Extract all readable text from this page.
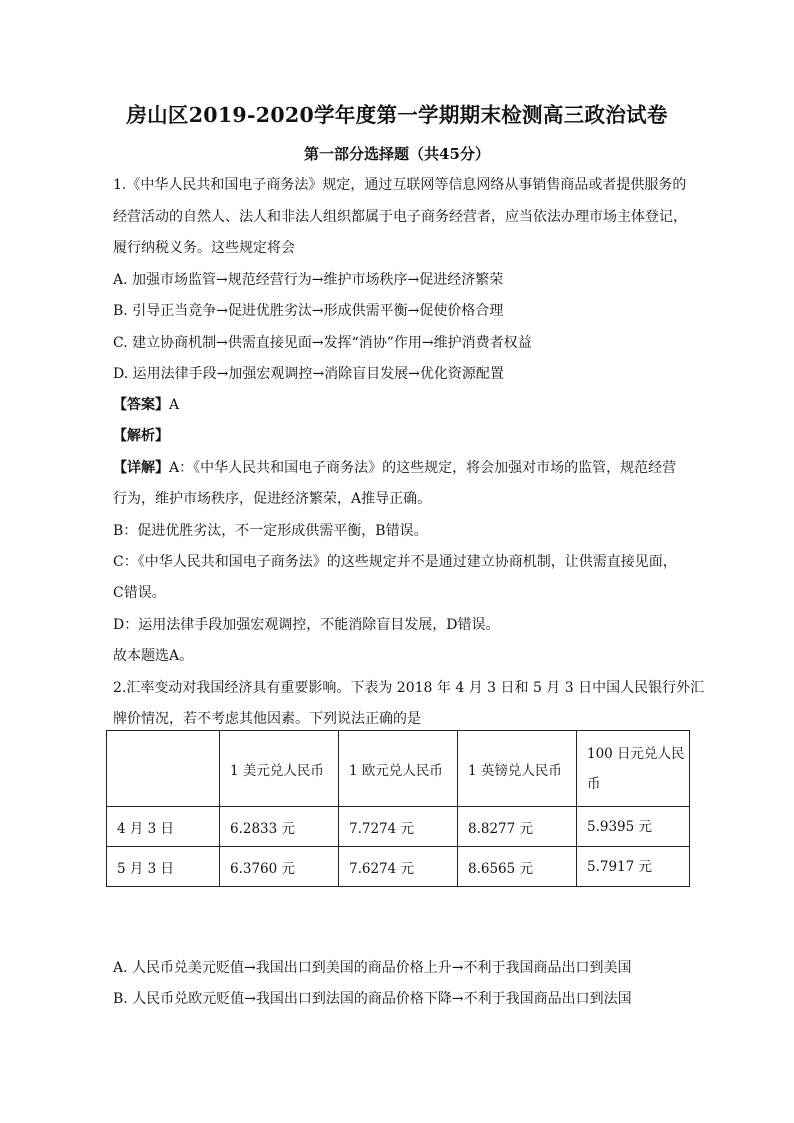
房山区2019-2020学年度第一学期期末检测高三政治试卷
第一部分选择题（共45分）
1.《中华人民共和国电子商务法》规定，通过互联网等信息网络从事销售商品或者提供服务的
经营活动的自然人、法人和非法人组织都属于电子商务经营者，应当依法办理市场主体登记，
履行纳税义务。这些规定将会
A. 加强市场监管→规范经营行为→维护市场秩序→促进经济繁荣
B. 引导正当竞争→促进优胜劣汰→形成供需平衡→促使价格合理
C. 建立协商机制→供需直接见面→发挥“消协”作用→维护消费者权益
D. 运用法律手段→加强宏观调控→消除盲目发展→优化资源配置
【答案】A
【解析】
【详解】A：《中华人民共和国电子商务法》的这些规定，将会加强对市场的监管，规范经营
行为，维护市场秩序，促进经济繁荣，A推导正确。
B：促进优胜劣汰，不一定形成供需平衡，B错误。
C：《中华人民共和国电子商务法》的这些规定并不是通过建立协商机制，让供需直接见面，
C错误。
D：运用法律手段加强宏观调控，不能消除盲目发展，D错误。
故本题选A。
2.汇率变动对我国经济具有重要影响。下表为 2018 年 4 月 3 日和 5 月 3 日中国人民银行外汇
牌价情况，若不考虑其他因素。下列说法正确的是
	1 美元兑人民币	1 欧元兑人民币	1 英镑兑人民币	100 日元兑人民币
4 月 3 日	6.2833 元	7.7274 元	8.8277 元	5.9395 元
5 月 3 日	6.3760 元	7.6274 元	8.6565 元	5.7917 元
A. 人民币兑美元贬值→我国出口到美国的商品价格上升→不利于我国商品出口到美国
B. 人民币兑欧元贬值→我国出口到法国的商品价格下降→不利于我国商品出口到法国
